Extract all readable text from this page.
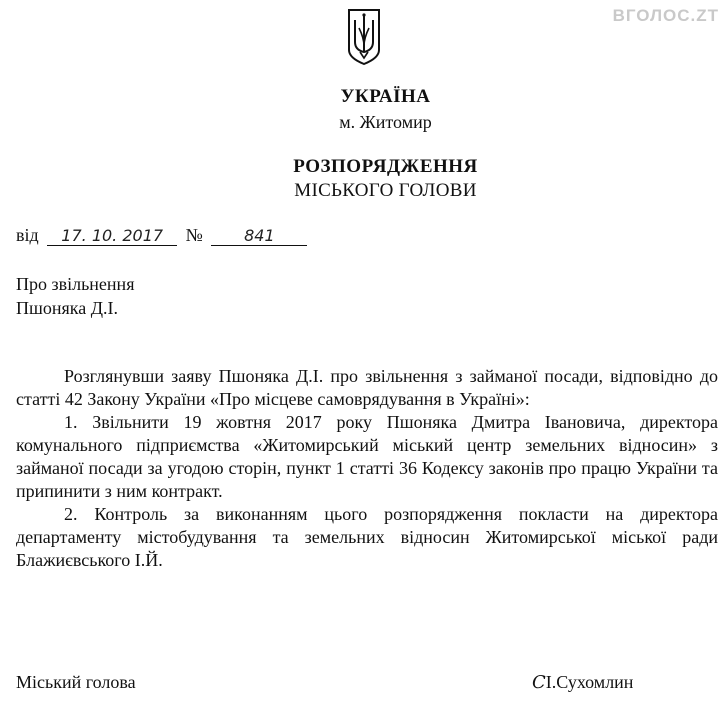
ВГОЛОС.ZT
УКРАЇНА
м. Житомир
РОЗПОРЯДЖЕННЯ
МІСЬКОГО ГОЛОВИ
від 17. 10. 2017 №	841
Про звільнення
Пшоняка Д.І.

Розглянувши заяву Пшоняка Д.І. про звільнення з займаної посади, відповідно до статті 42 Закону України «Про місцеве самоврядування в Україні»:

1. Звільнити 19 жовтня 2017 року Пшоняка Дмитра Івановича, директора комунального підприємства «Житомирський міський центр земельних відносин» з займаної посади за угодою сторін, пункт 1 статті 36 Кодексу законів про працю України та припинити з ним контракт.

2. Контроль за виконанням цього розпорядження покласти на директора департаменту містобудування та земельних відносин Житомирської міської ради Блажиєвського І.Й.

Міський голова	СІ.Сухомлин
